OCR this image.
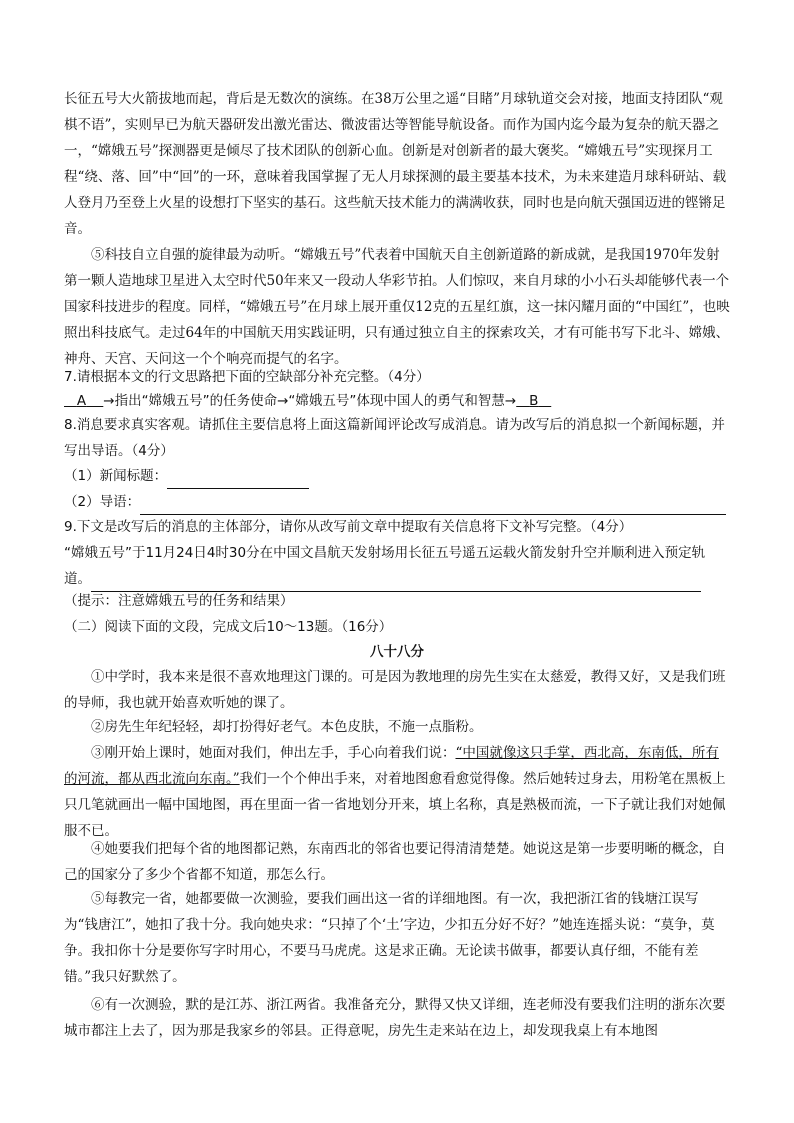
长征五号大火箭拔地而起，背后是无数次的演练。在38万公里之遥“目睹”月球轨道交会对接，地面支持团队“观棋不语”，实则早已为航天器研发出激光雷达、微波雷达等智能导航设备。而作为国内迄今最为复杂的航天器之一，“嫦娥五号”探测器更是倾尽了技术团队的创新心血。创新是对创新者的最大褒奖。“嫦娥五号”实现探月工程“绕、落、回”中“回”的一环，意味着我国掌握了无人月球探测的最主要基本技术，为未来建造月球科研站、载人登月乃至登上火星的设想打下坚实的基石。这些航天技术能力的满满收获，同时也是向航天强国迈进的铿锵足音。

⑤科技自立自强的旋律最为动听。“嫦娥五号”代表着中国航天自主创新道路的新成就，是我国1970年发射第一颗人造地球卫星进入太空时代50年来又一段动人华彩节拍。人们惊叹，来自月球的小小石头却能够代表一个国家科技进步的程度。同样，“嫦娥五号”在月球上展开重仅12克的五星红旗，这一抹闪耀月面的“中国红”，也映照出科技底气。走过64年的中国航天用实践证明，只有通过独立自主的探索攻关，才有可能书写下北斗、嫦娥、神舟、天宫、天问这一个个响亮而提气的名字。

7.请根据本文的行文思路把下面的空缺部分补充完整。（4分）

A →指出“嫦娥五号”的任务使命→“嫦娥五号”体现中国人的勇气和智慧→ B

8.消息要求真实客观。请抓住主要信息将上面这篇新闻评论改写成消息。请为改写后的消息拟一个新闻标题，并写出导语。（4分）

（1）新闻标题：

（2）导语：

9.下文是改写后的消息的主体部分，请你从改写前文章中提取有关信息将下文补写完整。（4分）

“嫦娥五号”于11月24日4时30分在中国文昌航天发射场用长征五号遥五运载火箭发射升空并顺利进入预定轨道。

（提示：注意嫦娥五号的任务和结果）

（二）阅读下面的文段，完成文后10～13题。（16分）

八十八分

①中学时，我本来是很不喜欢地理这门课的。可是因为教地理的房先生实在太慈爱，教得又好，又是我们班的导师，我也就开始喜欢听她的课了。

②房先生年纪轻轻，却打扮得好老气。本色皮肤，不施一点脂粉。

③刚开始上课时，她面对我们，伸出左手，手心向着我们说：“中国就像这只手掌，西北高，东南低，所有的河流，都从西北流向东南。”我们一个个伸出手来，对着地图愈看愈觉得像。然后她转过身去，用粉笔在黑板上只几笔就画出一幅中国地图，再在里面一省一省地划分开来，填上名称，真是熟极而流，一下子就让我们对她佩服不已。

④她要我们把每个省的地图都记熟，东南西北的邻省也要记得清清楚楚。她说这是第一步要明晰的概念，自己的国家分了多少个省都不知道，那怎么行。

⑤每教完一省，她都要做一次测验，要我们画出这一省的详细地图。有一次，我把浙江省的钱塘江误写为“钱唐江”，她扣了我十分。我向她央求：“只掉了个‘土’字边，少扣五分好不好？”她连连摇头说：“莫争，莫争。我扣你十分是要你写字时用心，不要马马虎虎。这是求正确。无论读书做事，都要认真仔细，不能有差错。”我只好默然了。

⑥有一次测验，默的是江苏、浙江两省。我准备充分，默得又快又详细，连老师没有要我们注明的浙东次要城市都注上去了，因为那是我家乡的邻县。正得意呢，房先生走来站在边上，却发现我桌上有本地图
